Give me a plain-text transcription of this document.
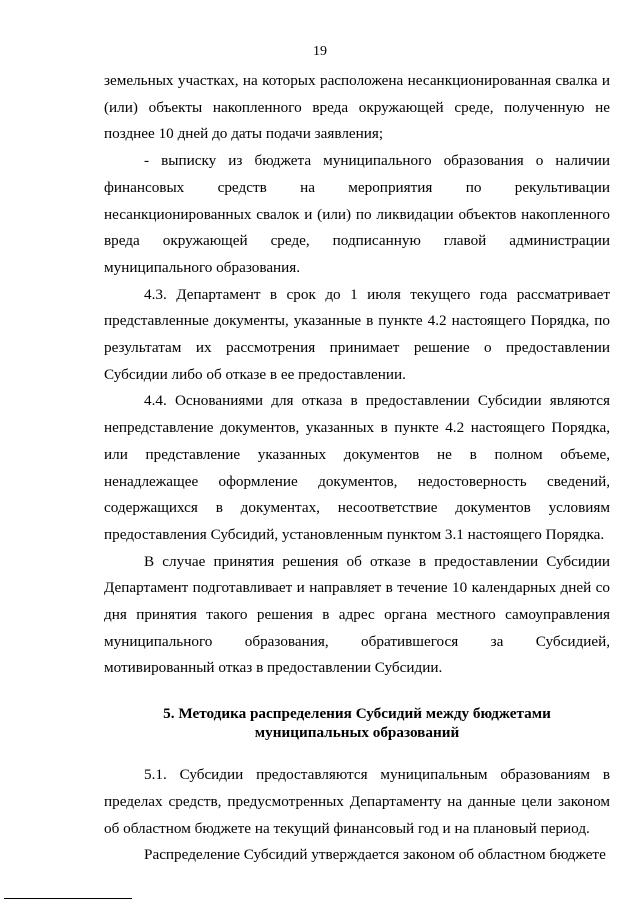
19

земельных участках, на которых расположена несанкционированная свалка и (или) объекты накопленного вреда окружающей среде, полученную не позднее 10 дней до даты подачи заявления;

- выписку из бюджета муниципального образования о наличии финансовых средств на мероприятия по рекультивации несанкционированных свалок и (или) по ликвидации объектов накопленного вреда окружающей среде, подписанную главой администрации муниципального образования.

4.3. Департамент в срок до 1 июля текущего года рассматривает представленные документы, указанные в пункте 4.2 настоящего Порядка, по результатам их рассмотрения принимает решение о предоставлении Субсидии либо об отказе в ее предоставлении.

4.4. Основаниями для отказа в предоставлении Субсидии являются непредставление документов, указанных в пункте 4.2 настоящего Порядка, или представление указанных документов не в полном объеме, ненадлежащее оформление документов, недостоверность сведений, содержащихся в документах, несоответствие документов условиям предоставления Субсидий, установленным пунктом 3.1 настоящего Порядка.

В случае принятия решения об отказе в предоставлении Субсидии Департамент подготавливает и направляет в течение 10 календарных дней со дня принятия такого решения в адрес органа местного самоуправления муниципального образования, обратившегося за Субсидией, мотивированный отказ в предоставлении Субсидии.

5. Методика распределения Субсидий между бюджетами муниципальных образований

5.1. Субсидии предоставляются муниципальным образованиям в пределах средств, предусмотренных Департаменту на данные цели законом об областном бюджете на текущий финансовый год и на плановый период.

Распределение Субсидий утверждается законом об областном бюджете
